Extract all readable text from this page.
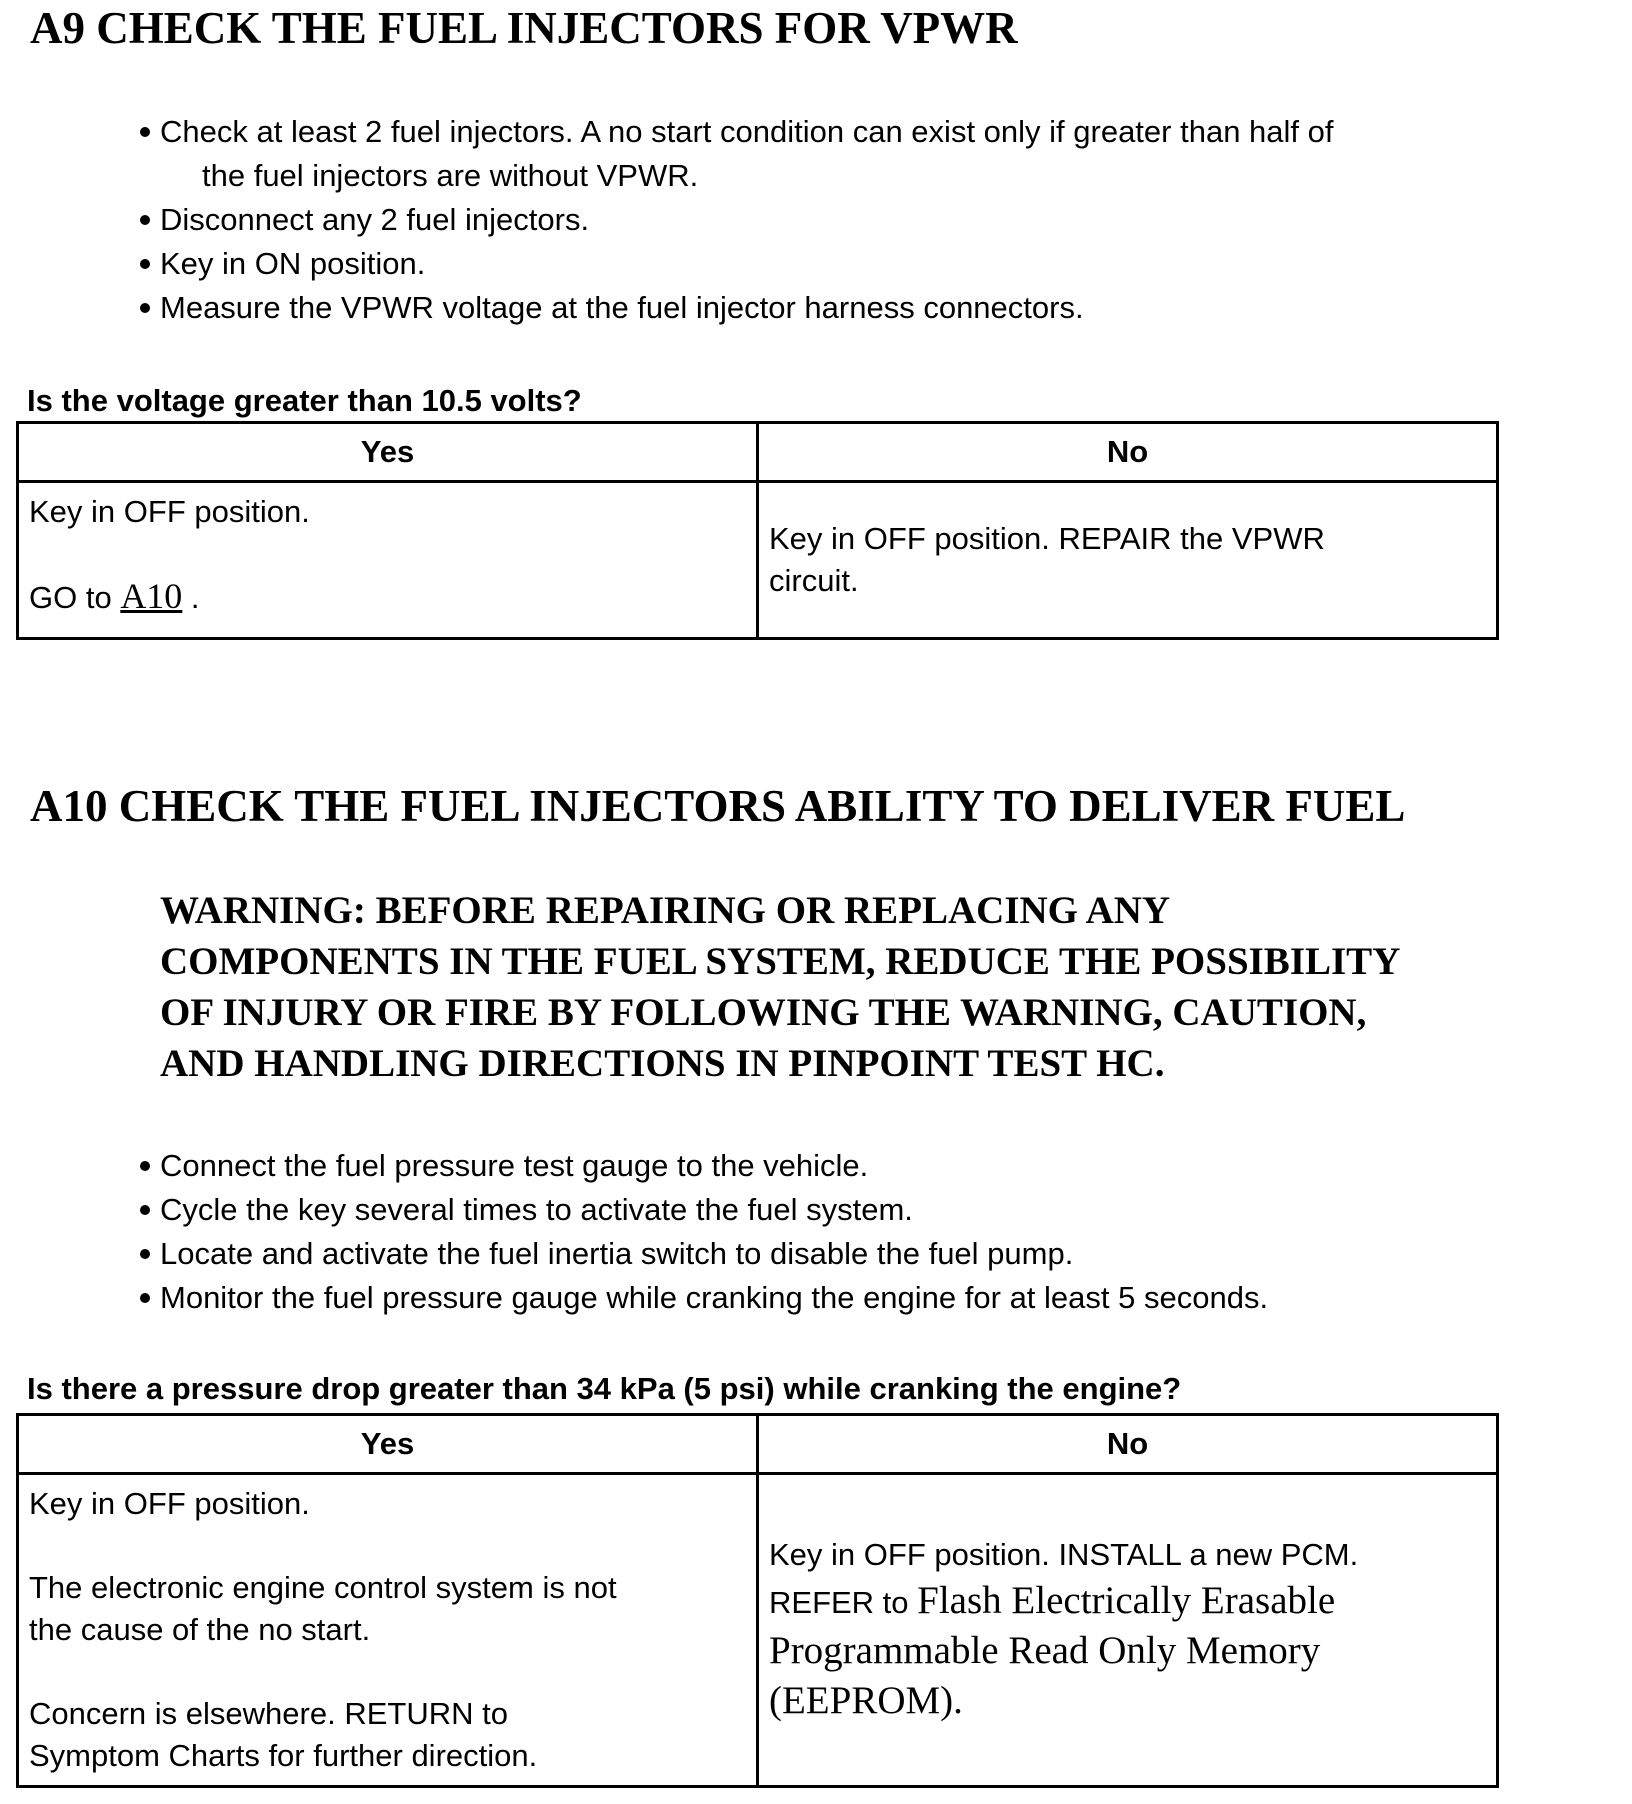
A9 CHECK THE FUEL INJECTORS FOR VPWR
Check at least 2 fuel injectors. A no start condition can exist only if greater than half of
the fuel injectors are without VPWR.
Disconnect any 2 fuel injectors.
Key in ON position.
Measure the VPWR voltage at the fuel injector harness connectors.

Is the voltage greater than 10.5 volts?

Yes	No

Key in OFF position.
GO to A10 .	Key in OFF position. REPAIR the VPWR
circuit.
A10 CHECK THE FUEL INJECTORS ABILITY TO DELIVER FUEL
WARNING: BEFORE REPAIRING OR REPLACING ANY
COMPONENTS IN THE FUEL SYSTEM, REDUCE THE POSSIBILITY
OF INJURY OR FIRE BY FOLLOWING THE WARNING, CAUTION,
AND HANDLING DIRECTIONS IN PINPOINT TEST HC.
Connect the fuel pressure test gauge to the vehicle.
Cycle the key several times to activate the fuel system.
Locate and activate the fuel inertia switch to disable the fuel pump.
Monitor the fuel pressure gauge while cranking the engine for at least 5 seconds.

Is there a pressure drop greater than 34 kPa (5 psi) while cranking the engine?

Yes	No

Key in OFF position.
The electronic engine control system is not
the cause of the no start.
Concern is elsewhere. RETURN to
Symptom Charts for further direction.	Key in OFF position. INSTALL a new PCM.
REFER to Flash Electrically Erasable
Programmable Read Only Memory
(EEPROM).
